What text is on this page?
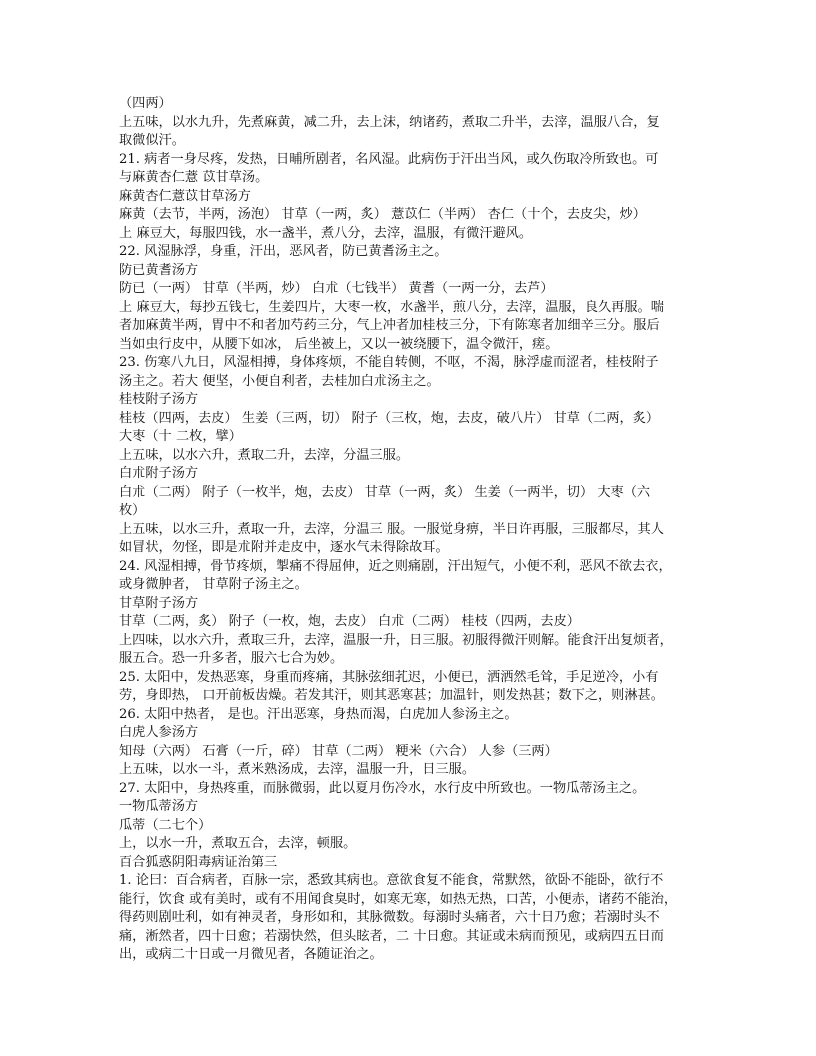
（四两）
上五味，以水九升，先煮麻黄，减二升，去上沫，纳诸药，煮取二升半，去滓，温服八合，复
取微似汗。
21. 病者一身尽疼，发热，日晡所剧者，名风湿。此病伤于汗出当风，或久伤取冷所致也。可
与麻黄杏仁薏 苡甘草汤。
麻黄杏仁薏苡甘草汤方
麻黄（去节，半两，汤泡） 甘草（一两，炙） 薏苡仁（半两） 杏仁（十个，去皮尖，炒）
上 麻豆大，每服四钱，水一盏半，煮八分，去滓，温服，有微汗避风。
22. 风湿脉浮，身重，汗出，恶风者，防已黄耆汤主之。
防已黄耆汤方
防已（一两） 甘草（半两，炒） 白朮（七钱半） 黄耆（一两一分，去芦）
上 麻豆大，每抄五钱七，生姜四片，大枣一枚，水盏半，煎八分，去滓，温服，良久再服。喘
者加麻黄半两，胃中不和者加芍药三分，气上冲者加桂枝三分，下有陈寒者加细辛三分。服后
当如虫行皮中，从腰下如冰， 后坐被上，又以一被绕腰下，温令微汗，瘥。
23. 伤寒八九日，风湿相搏，身体疼烦，不能自转侧，不呕，不渴，脉浮虚而涩者，桂枝附子
汤主之。若大 便坚，小便自利者，去桂加白朮汤主之。
桂枝附子汤方
桂枝（四两，去皮） 生姜（三两，切） 附子（三枚，炮，去皮，破八片） 甘草（二两，炙）
大枣（十 二枚，擘）
上五味，以水六升，煮取二升，去滓，分温三服。
白朮附子汤方
白朮（二两） 附子（一枚半，炮，去皮） 甘草（一两，炙） 生姜（一两半，切） 大枣（六
枚）
上五味，以水三升，煮取一升，去滓，分温三 服。一服觉身痹，半日许再服，三服都尽，其人
如冒状，勿怪，即是朮附并走皮中，逐水气未得除故耳。
24. 风湿相搏，骨节疼烦，掣痛不得屈伸，近之则痛剧，汗出短气，小便不利，恶风不欲去衣，
或身微肿者， 甘草附子汤主之。
甘草附子汤方
甘草（二两，炙） 附子（一枚，炮，去皮） 白朮（二两） 桂枝（四两，去皮）
上四味，以水六升，煮取三升，去滓，温服一升，日三服。初服得微汗则解。能食汗出复烦者，
服五合。恐一升多者，服六七合为妙。
25. 太阳中，发热恶寒，身重而疼痛，其脉弦细芤迟，小便已，洒洒然毛耸，手足逆冷，小有
劳，身即热， 口开前板齿燥。若发其汗，则其恶寒甚；加温针，则发热甚；数下之，则淋甚。
26. 太阳中热者， 是也。汗出恶寒，身热而渴，白虎加人参汤主之。
白虎人参汤方
知母（六两） 石膏（一斤，碎） 甘草（二两） 粳米（六合） 人参（三两）
上五味，以水一斗，煮米熟汤成，去滓，温服一升，日三服。
27. 太阳中，身热疼重，而脉微弱，此以夏月伤冷水，水行皮中所致也。一物瓜蒂汤主之。
一物瓜蒂汤方
瓜蒂（二七个）
上，以水一升，煮取五合，去滓，顿服。
百合狐惑阴阳毒病证治第三
1. 论曰：百合病者，百脉一宗，悉致其病也。意欲食复不能食，常默然，欲卧不能卧，欲行不
能行，饮食 或有美时，或有不用闻食臭时，如寒无寒，如热无热，口苦，小便赤，诸药不能治，
得药则剧吐利，如有神灵者，身形如和，其脉微数。每溺时头痛者，六十日乃愈；若溺时头不
痛，淅然者，四十日愈；若溺快然，但头眩者，二 十日愈。其证或未病而预见，或病四五日而
出，或病二十日或一月微见者，各随证治之。
